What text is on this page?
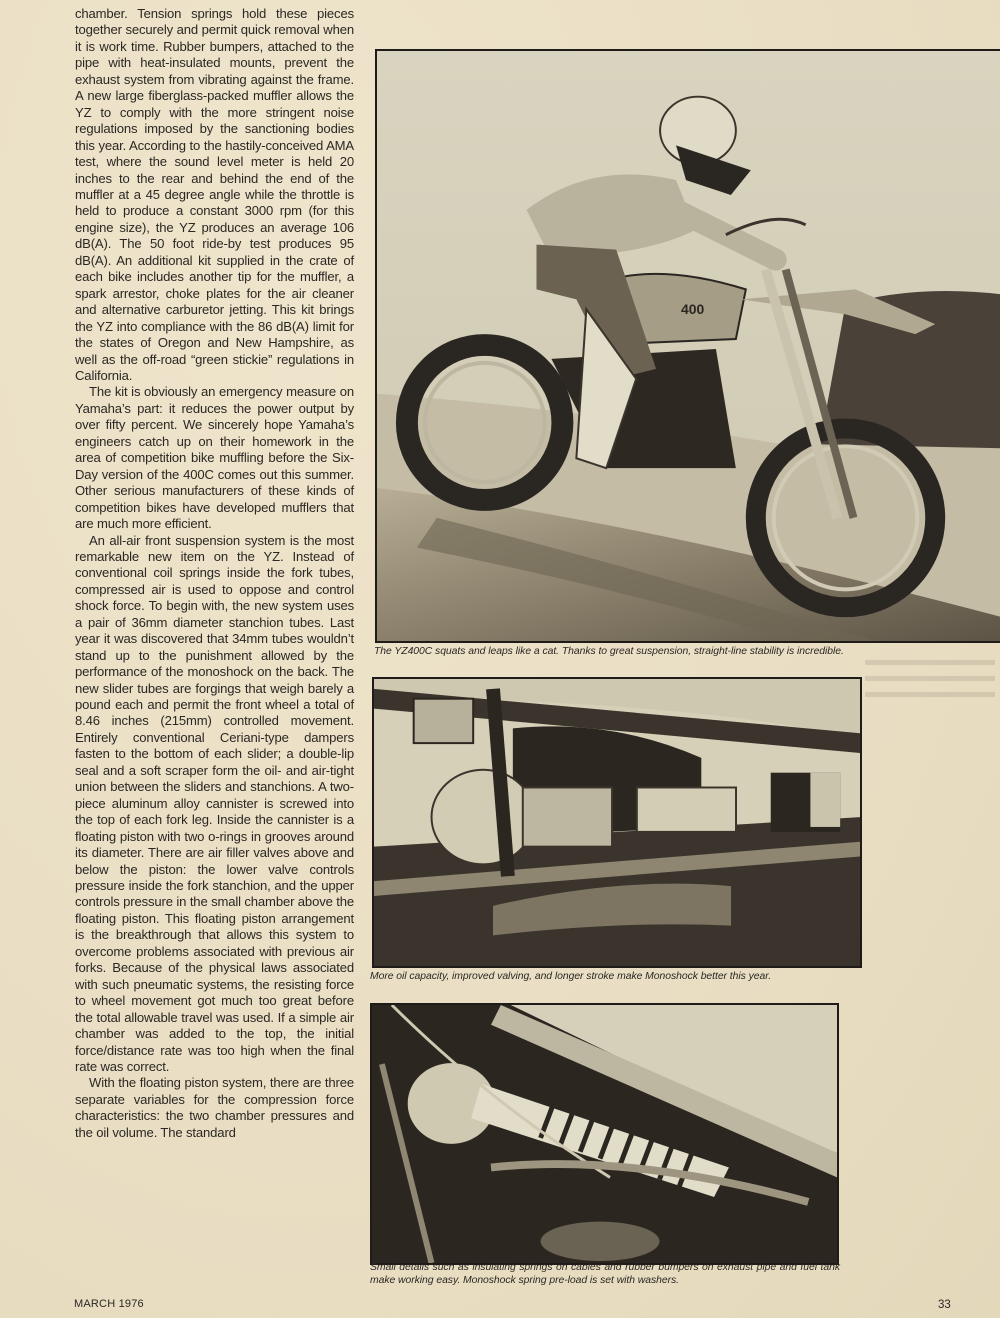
chamber. Tension springs hold these pieces together securely and permit quick removal when it is work time. Rubber bumpers, attached to the pipe with heat-insulated mounts, prevent the exhaust system from vibrating against the frame. A new large fiberglass-packed muffler allows the YZ to comply with the more stringent noise regulations imposed by the sanctioning bodies this year. According to the hastily-conceived AMA test, where the sound level meter is held 20 inches to the rear and behind the end of the muffler at a 45 degree angle while the throttle is held to produce a constant 3000 rpm (for this engine size), the YZ produces an average 106 dB(A). The 50 foot ride-by test produces 95 dB(A). An additional kit supplied in the crate of each bike includes another tip for the muffler, a spark arrestor, choke plates for the air cleaner and alternative carburetor jetting. This kit brings the YZ into compliance with the 86 dB(A) limit for the states of Oregon and New Hampshire, as well as the off-road “green stickie” regulations in California.

The kit is obviously an emergency measure on Yamaha’s part: it reduces the power output by over fifty percent. We sincerely hope Yamaha’s engineers catch up on their homework in the area of competition bike muffling before the Six-Day version of the 400C comes out this summer. Other serious manufacturers of these kinds of competition bikes have developed mufflers that are much more efficient.

An all-air front suspension system is the most remarkable new item on the YZ. Instead of conventional coil springs inside the fork tubes, compressed air is used to oppose and control shock force. To begin with, the new system uses a pair of 36mm diameter stanchion tubes. Last year it was discovered that 34mm tubes wouldn’t stand up to the punishment allowed by the performance of the monoshock on the back. The new slider tubes are forgings that weigh barely a pound each and permit the front wheel a total of 8.46 inches (215mm) controlled movement. Entirely conventional Ceriani-type dampers fasten to the bottom of each slider; a double-lip seal and a soft scraper form the oil- and air-tight union between the sliders and stanchions. A two-piece aluminum alloy cannister is screwed into the top of each fork leg. Inside the cannister is a floating piston with two o-rings in grooves around its diameter. There are air filler valves above and below the piston: the lower valve controls pressure inside the fork stanchion, and the upper controls pressure in the small chamber above the floating piston. This floating piston arrangement is the breakthrough that allows this system to overcome problems associated with previous air forks. Because of the physical laws associated with such pneumatic systems, the resisting force to wheel movement got much too great before the total allowable travel was used. If a simple air chamber was added to the top, the initial force/distance rate was too high when the final rate was correct.

With the floating piston system, there are three separate variables for the compression force characteristics: the two chamber pressures and the oil volume. The standard

400
The YZ400C squats and leaps like a cat. Thanks to great suspension, straight-line stability is incredible.
More oil capacity, improved valving, and longer stroke make Monoshock better this year.
Small details such as insulating springs on cables and rubber bumpers on exhaust pipe and fuel tank make working easy. Monoshock spring pre-load is set with washers.
MARCH 1976	33
